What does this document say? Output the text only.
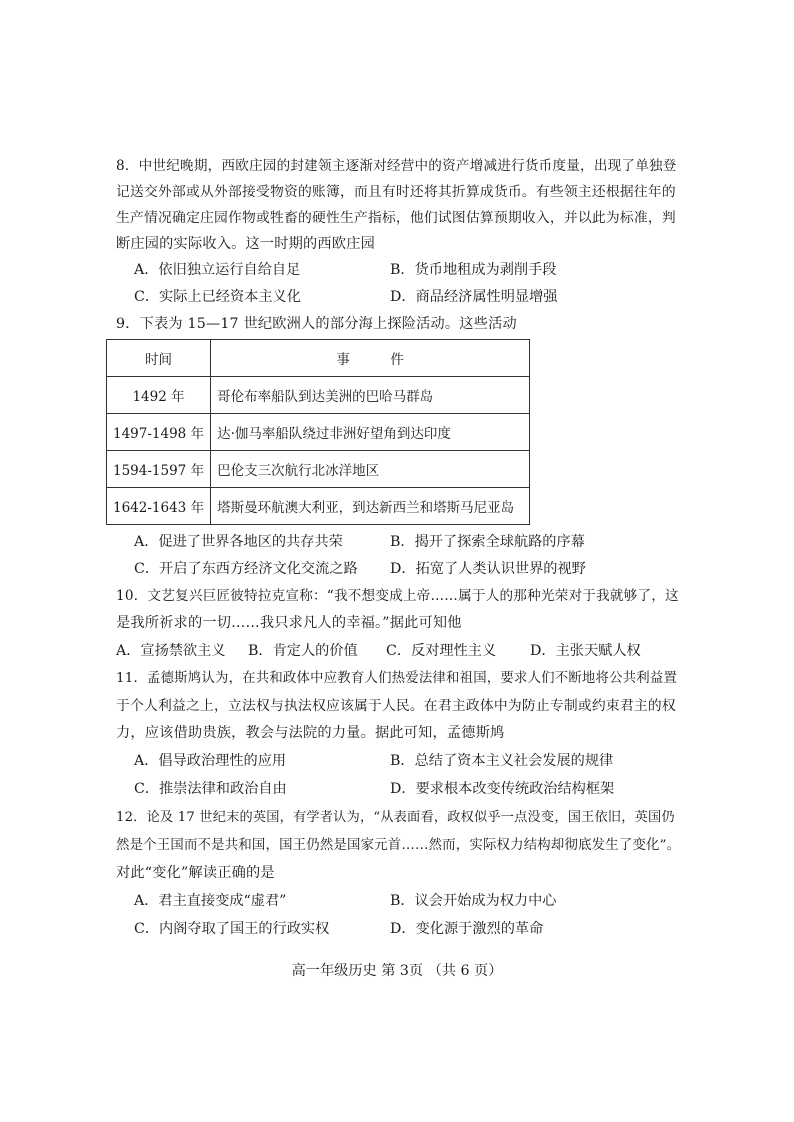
8．中世纪晚期，西欧庄园的封建领主逐渐对经营中的资产增减进行货币度量，出现了单独登
记送交外部或从外部接受物资的账簿，而且有时还将其折算成货币。有些领主还根据往年的
生产情况确定庄园作物或牲畜的硬性生产指标，他们试图估算预期收入，并以此为标准，判
断庄园的实际收入。这一时期的西欧庄园
A．依旧独立运行自给自足	B．货币地租成为剥削手段
C．实际上已经资本主义化	D．商品经济属性明显增强
9．下表为 15—17 世纪欧洲人的部分海上探险活动。这些活动
时间	事　　　件
1492 年	哥伦布率船队到达美洲的巴哈马群岛
1497-1498 年	达·伽马率船队绕过非洲好望角到达印度
1594-1597 年	巴伦支三次航行北冰洋地区
1642-1643 年	塔斯曼环航澳大利亚，到达新西兰和塔斯马尼亚岛
A．促进了世界各地区的共存共荣	B．揭开了探索全球航路的序幕
C．开启了东西方经济文化交流之路 D．拓宽了人类认识世界的视野
10．文艺复兴巨匠彼特拉克宣称：“我不想变成上帝……属于人的那种光荣对于我就够了，这
是我所祈求的一切……我只求凡人的幸福。”据此可知他
A．宣扬禁欲主义 B．肯定人的价值 C．反对理性主义 D．主张天赋人权
11．孟德斯鸠认为，在共和政体中应教育人们热爱法律和祖国，要求人们不断地将公共利益置
于个人利益之上，立法权与执法权应该属于人民。在君主政体中为防止专制或约束君主的权
力，应该借助贵族，教会与法院的力量。据此可知，孟德斯鸠
A．倡导政治理性的应用	B．总结了资本主义社会发展的规律
C．推崇法律和政治自由	D．要求根本改变传统政治结构框架
12．论及 17 世纪末的英国，有学者认为，“从表面看，政权似乎一点没变，国王依旧，英国仍
然是个王国而不是共和国，国王仍然是国家元首……然而，实际权力结构却彻底发生了变化”。
对此“变化”解读正确的是
A．君主直接变成“虚君”	B．议会开始成为权力中心
C．内阁夺取了国王的行政实权	D．变化源于激烈的革命
高一年级历史 第 3页 （共 6 页）
